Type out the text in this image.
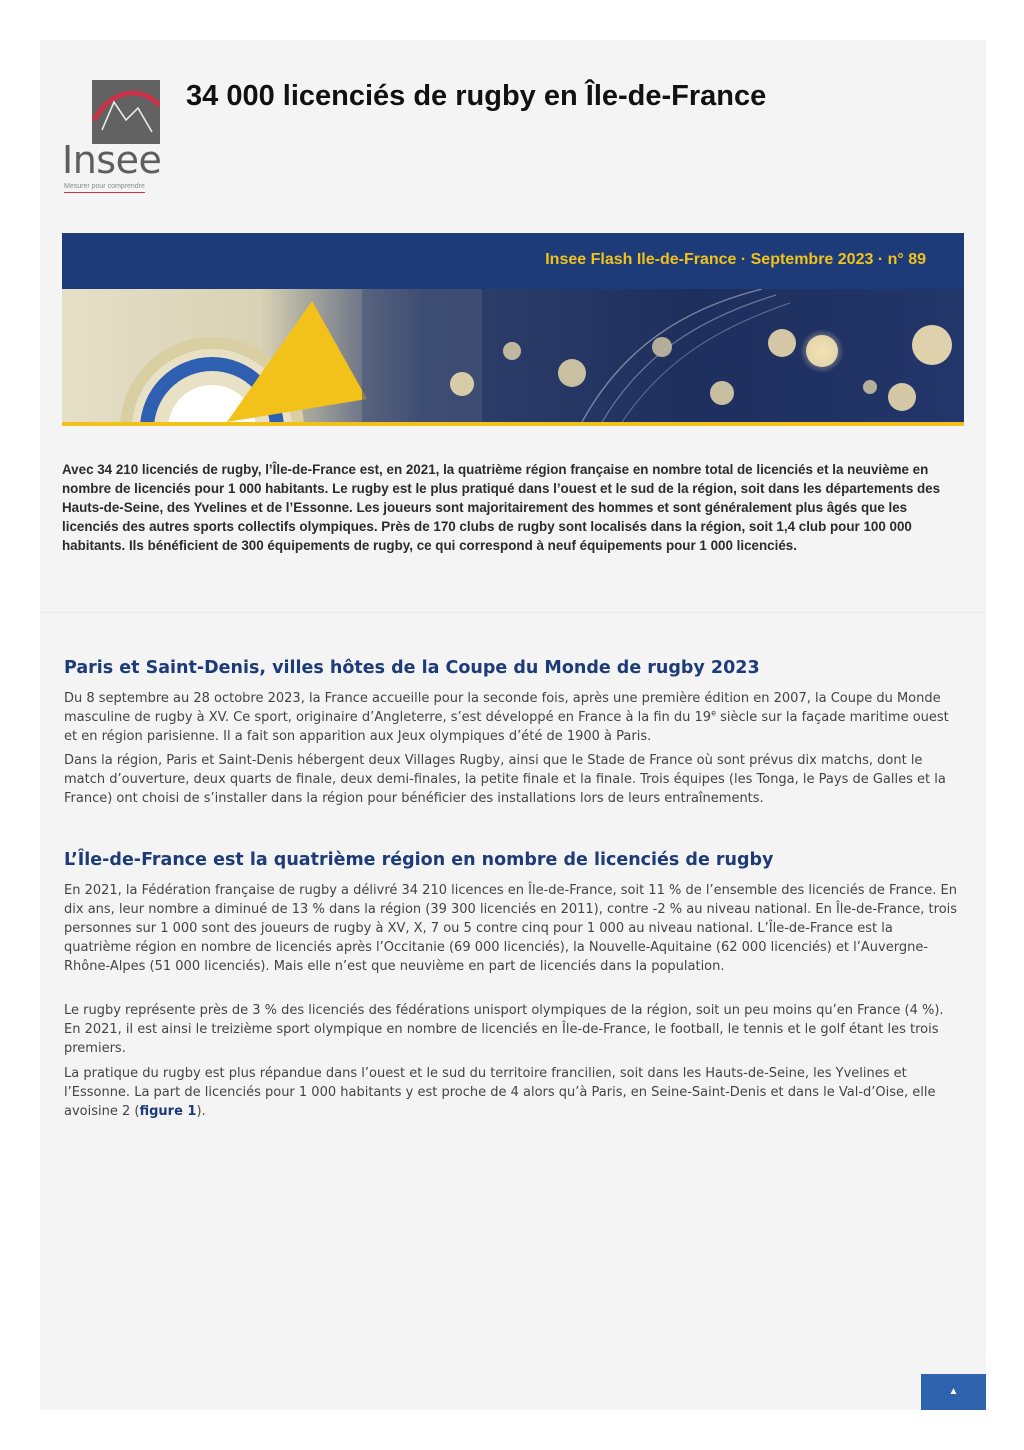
Insee
Mesurer pour comprendre
34 000 licenciés de rugby en Île-de-France
Insee Flash Ile-de-France · Septembre 2023 · n° 89

Avec 34 210 licenciés de rugby, l’Île-de-France est, en 2021, la quatrième région française en nombre total de licenciés et la neuvième en nombre de licenciés pour 1 000 habitants. Le rugby est le plus pratiqué dans l’ouest et le sud de la région, soit dans les départements des Hauts-de-Seine, des Yvelines et de l’Essonne. Les joueurs sont majoritairement des hommes et sont généralement plus âgés que les licenciés des autres sports collectifs olympiques. Près de 170 clubs de rugby sont localisés dans la région, soit 1,4 club pour 100 000 habitants. Ils bénéficient de 300 équipements de rugby, ce qui correspond à neuf équipements pour 1 000 licenciés.

Paris et Saint-Denis, villes hôtes de la Coupe du Monde de rugby 2023

Du 8 septembre au 28 octobre 2023, la France accueille pour la seconde fois, après une première édition en 2007, la Coupe du Monde masculine de rugby à XV. Ce sport, originaire d’Angleterre, s’est développé en France à la fin du 19e siècle sur la façade maritime ouest et en région parisienne. Il a fait son apparition aux Jeux olympiques d’été de 1900 à Paris.

Dans la région, Paris et Saint-Denis hébergent deux Villages Rugby, ainsi que le Stade de France où sont prévus dix matchs, dont le match d’ouverture, deux quarts de finale, deux demi-finales, la petite finale et la finale. Trois équipes (les Tonga, le Pays de Galles et la France) ont choisi de s’installer dans la région pour bénéficier des installations lors de leurs entraînements.

L’Île-de-France est la quatrième région en nombre de licenciés de rugby

En 2021, la Fédération française de rugby a délivré 34 210 licences en Île-de-France, soit 11 % de l’ensemble des licenciés de France. En dix ans, leur nombre a diminué de 13 % dans la région (39 300 licenciés en 2011), contre -2 % au niveau national. En Île-de-France, trois personnes sur 1 000 sont des joueurs de rugby à XV, X, 7 ou 5 contre cinq pour 1 000 au niveau national. L’Île-de-France est la quatrième région en nombre de licenciés après l’Occitanie (69 000 licenciés), la Nouvelle-Aquitaine (62 000 licenciés) et l’Auvergne-Rhône-Alpes (51 000 licenciés). Mais elle n’est que neuvième en part de licenciés dans la population.

Le rugby représente près de 3 % des licenciés des fédérations unisport olympiques de la région, soit un peu moins qu’en France (4 %). En 2021, il est ainsi le treizième sport olympique en nombre de licenciés en Île-de-France, le football, le tennis et le golf étant les trois premiers.

La pratique du rugby est plus répandue dans l’ouest et le sud du territoire francilien, soit dans les Hauts-de-Seine, les Yvelines et l’Essonne. La part de licenciés pour 1 000 habitants y est proche de 4 alors qu’à Paris, en Seine-Saint-Denis et dans le Val-d’Oise, elle avoisine 2 (figure 1).

▲
